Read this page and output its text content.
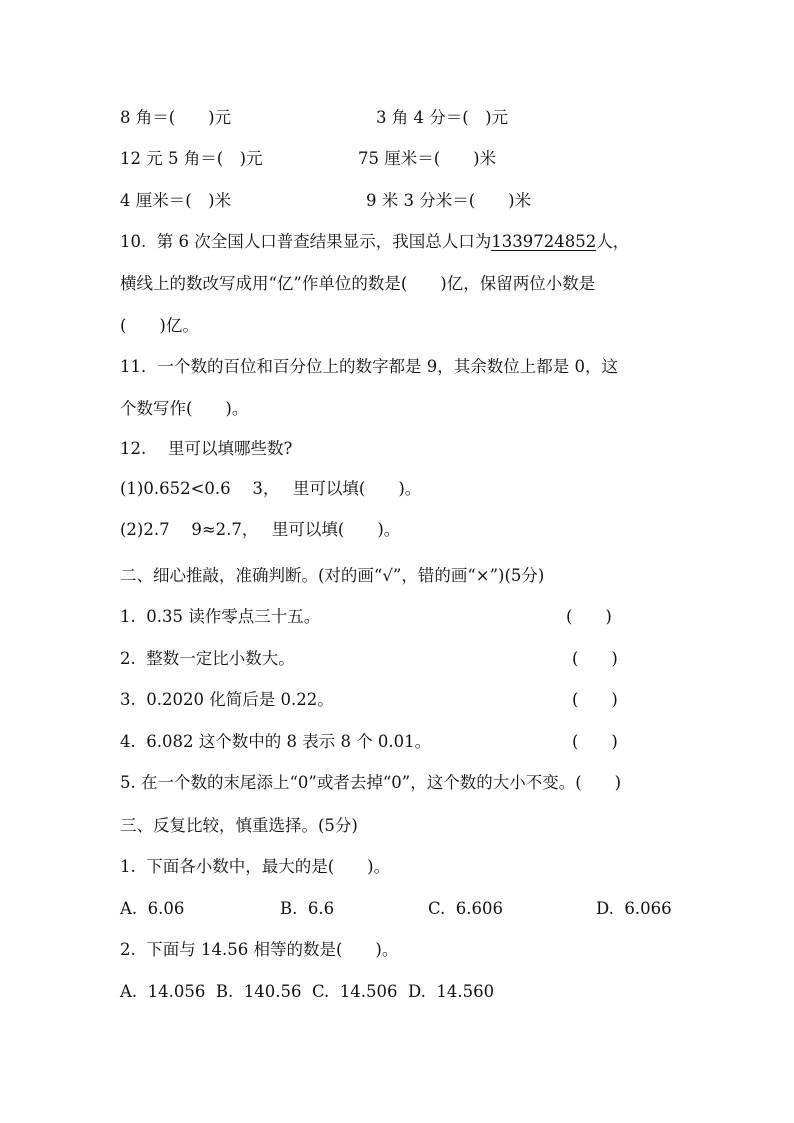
8 角＝(　　)元	3 角 4 分＝(　)元
12 元 5 角＝(　)元	75 厘米＝(　　)米
4 厘米＝(　)米	9 米 3 分米＝(　　)米
10.  第 6 次全国人口普查结果显示，我国总人口为1339724852人，
横线上的数改写成用“亿”作单位的数是(　　)亿，保留两位小数是
(　　)亿。
11．一个数的百位和百分位上的数字都是 9，其余数位上都是 0，这
个数写作(　　)。
12.　 里可以填哪些数?
(1)0.652<0.6　 3，　 里可以填(　　)。
(2)2.7　 9≈2.7，　 里可以填(　　)。
二、细心推敲，准确判断。(对的画“√”，错的画“×”)(5分)
1.  0.35 读作零点三十五。	(　　)
2.  整数一定比小数大。	(　　)
3.  0.2020 化简后是 0.22。	(　　)
4.  6.082 这个数中的 8 表示 8 个 0.01。	(　　)
5. 在一个数的末尾添上“0”或者去掉“0”，这个数的大小不变。(　　)
三、反复比较，慎重选择。(5分)
1.  下面各小数中，最大的是(　　)。
A.  6.06	B.  6.6	C.  6.606	D.  6.066
2.  下面与 14.56 相等的数是(　　)。
A.  14.056  B.  140.56  C.  14.506  D.  14.560
